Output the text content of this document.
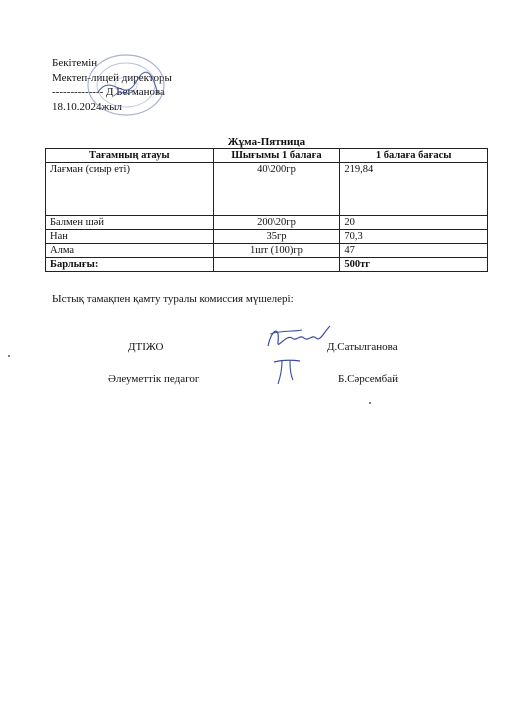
Бекітемін
Мектеп-лицей директоры
-------------- Д Бегманова
18.10.2024жыл
Жұма-Пятница
Тағамның атауы	Шығымы 1 балаға	1 балаға бағасы
Лағман (сиыр еті)	40\200гр	219,84
Балмен шәй	200\20гр	20
Нан	35гр	70,3
Алма	1шт (100)гр	47
Барлығы:		500тг
Ыстық тамақпен қамту туралы комиссия мүшелері:
ДТІЖО	Д.Сатылганова
Әлеуметтік педагог	Б.Сәрсембай
